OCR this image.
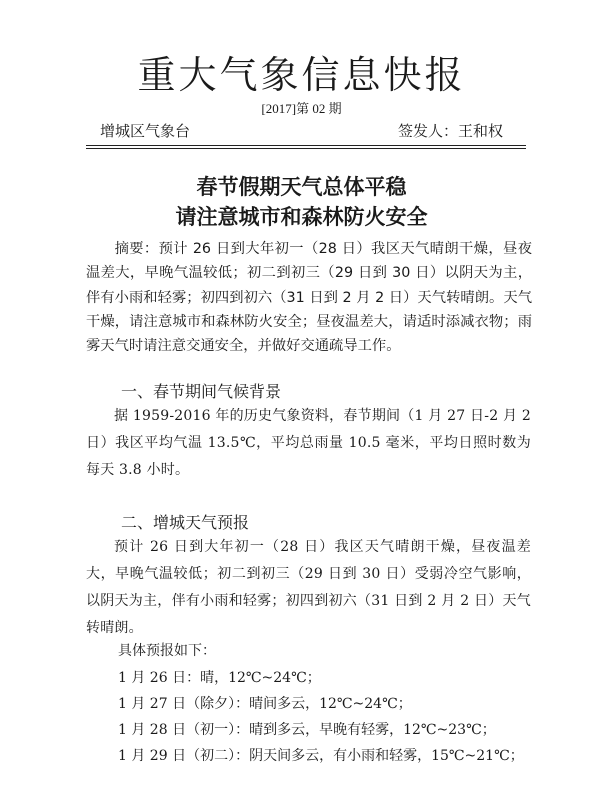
重大气象信息快报
[2017]第 02 期
增城区气象台	签发人：王和权
春节假期天气总体平稳
请注意城市和森林防火安全

摘要：预计 26 日到大年初一（28 日）我区天气晴朗干燥，昼夜温差大，早晚气温较低；初二到初三（29 日到 30 日）以阴天为主，伴有小雨和轻雾；初四到初六（31 日到 2 月 2 日）天气转晴朗。天气干燥，请注意城市和森林防火安全；昼夜温差大，请适时添减衣物；雨雾天气时请注意交通安全，并做好交通疏导工作。

一、春节期间气候背景

据 1959-2016 年的历史气象资料，春节期间（1 月 27 日-2 月 2 日）我区平均气温 13.5℃，平均总雨量 10.5 毫米，平均日照时数为每天 3.8 小时。

二、增城天气预报

预计 26 日到大年初一（28 日）我区天气晴朗干燥，昼夜温差大，早晚气温较低；初二到初三（29 日到 30 日）受弱冷空气影响，以阴天为主，伴有小雨和轻雾；初四到初六（31 日到 2 月 2 日）天气转晴朗。

具体预报如下：
1 月 26 日：晴，12℃~24℃；
1 月 27 日（除夕）：晴间多云，12℃~24℃；
1 月 28 日（初一）：晴到多云，早晚有轻雾，12℃~23℃；
1 月 29 日（初二）：阴天间多云，有小雨和轻雾，15℃~21℃；
